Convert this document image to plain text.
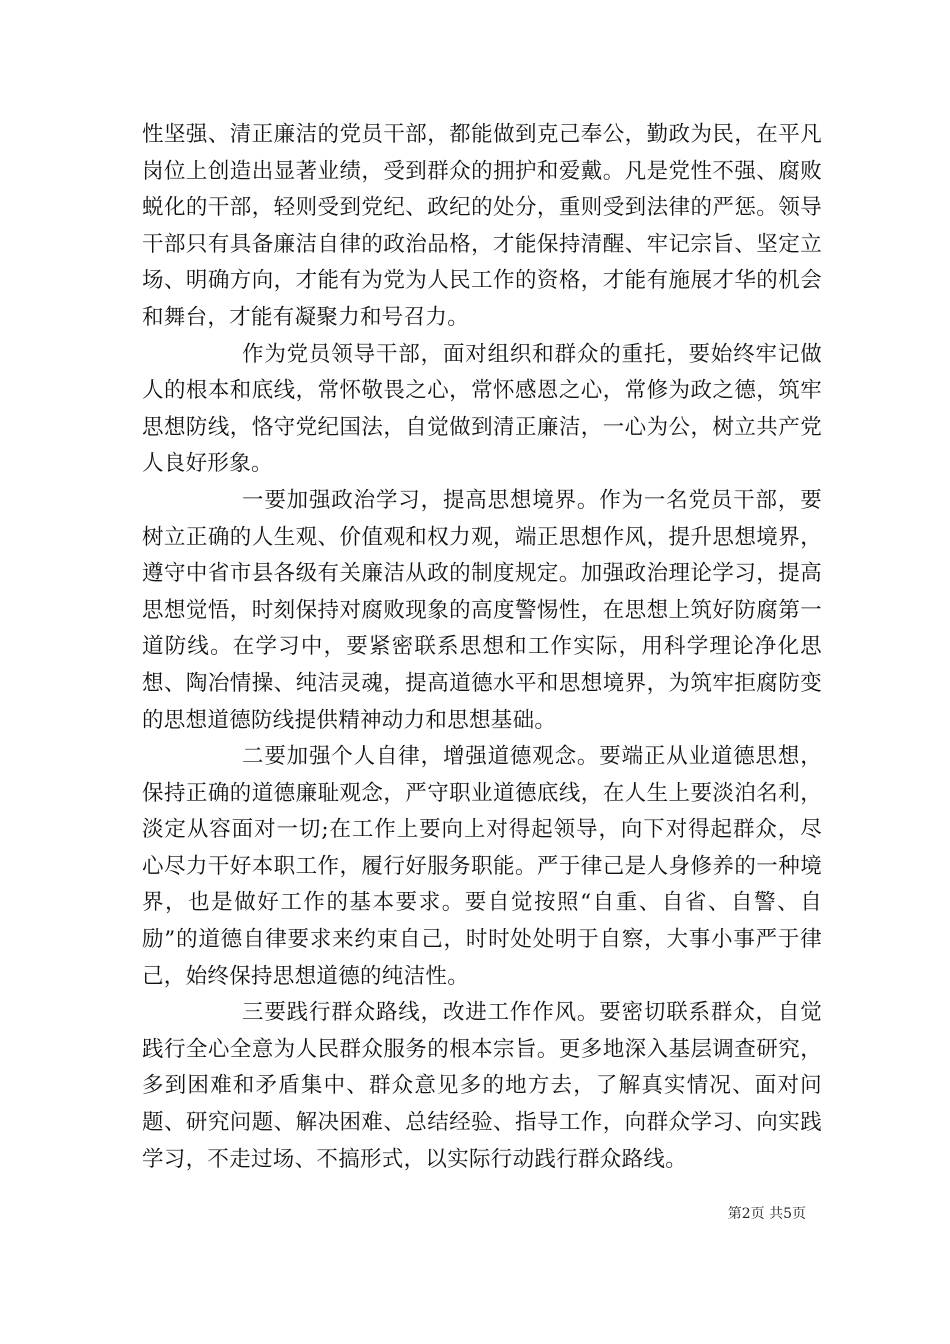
性坚强、清正廉洁的党员干部，都能做到克己奉公，勤政为民，在平凡岗位上创造出显著业绩，受到群众的拥护和爱戴。凡是党性不强、腐败蜕化的干部，轻则受到党纪、政纪的处分，重则受到法律的严惩。领导干部只有具备廉洁自律的政治品格，才能保持清醒、牢记宗旨、坚定立场、明确方向，才能有为党为人民工作的资格，才能有施展才华的机会和舞台，才能有凝聚力和号召力。

作为党员领导干部，面对组织和群众的重托，要始终牢记做人的根本和底线，常怀敬畏之心，常怀感恩之心，常修为政之德，筑牢思想防线，恪守党纪国法，自觉做到清正廉洁，一心为公，树立共产党人良好形象。

一要加强政治学习，提高思想境界。作为一名党员干部，要树立正确的人生观、价值观和权力观，端正思想作风，提升思想境界，遵守中省市县各级有关廉洁从政的制度规定。加强政治理论学习，提高思想觉悟，时刻保持对腐败现象的高度警惕性，在思想上筑好防腐第一道防线。在学习中，要紧密联系思想和工作实际，用科学理论净化思想、陶冶情操、纯洁灵魂，提高道德水平和思想境界，为筑牢拒腐防变的思想道德防线提供精神动力和思想基础。

二要加强个人自律，增强道德观念。要端正从业道德思想，保持正确的道德廉耻观念，严守职业道德底线，在人生上要淡泊名利，淡定从容面对一切;在工作上要向上对得起领导，向下对得起群众，尽心尽力干好本职工作，履行好服务职能。严于律己是人身修养的一种境界，也是做好工作的基本要求。要自觉按照“自重、自省、自警、自励”的道德自律要求来约束自己，时时处处明于自察，大事小事严于律己，始终保持思想道德的纯洁性。

三要践行群众路线，改进工作作风。要密切联系群众，自觉践行全心全意为人民群众服务的根本宗旨。更多地深入基层调查研究，多到困难和矛盾集中、群众意见多的地方去，了解真实情况、面对问题、研究问题、解决困难、总结经验、指导工作，向群众学习、向实践学习，不走过场、不搞形式，以实际行动践行群众路线。

第2页 共5页
